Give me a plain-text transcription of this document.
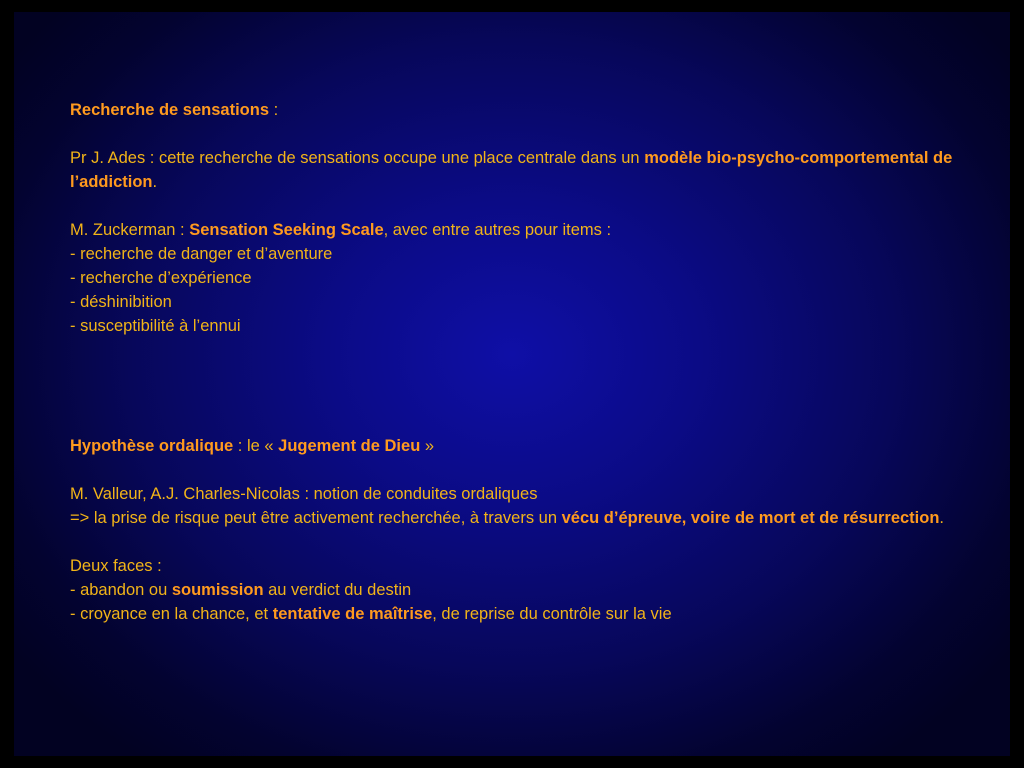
Recherche de sensations :
Pr J. Ades : cette recherche de sensations occupe une place centrale dans un modèle bio-psycho-comportemental de l’addiction.
M. Zuckerman : Sensation Seeking Scale, avec entre autres pour items :
- recherche de danger et d’aventure
- recherche d’expérience
- déshinibition
- susceptibilité à l’ennui
Hypothèse ordalique : le « Jugement de Dieu »
M. Valleur, A.J. Charles-Nicolas : notion de conduites ordaliques
=> la prise de risque peut être activement recherchée, à travers un vécu d’épreuve, voire de mort et de résurrection.
Deux faces :
- abandon ou soumission au verdict du destin
- croyance en la chance, et tentative de maîtrise, de reprise du contrôle sur la vie
